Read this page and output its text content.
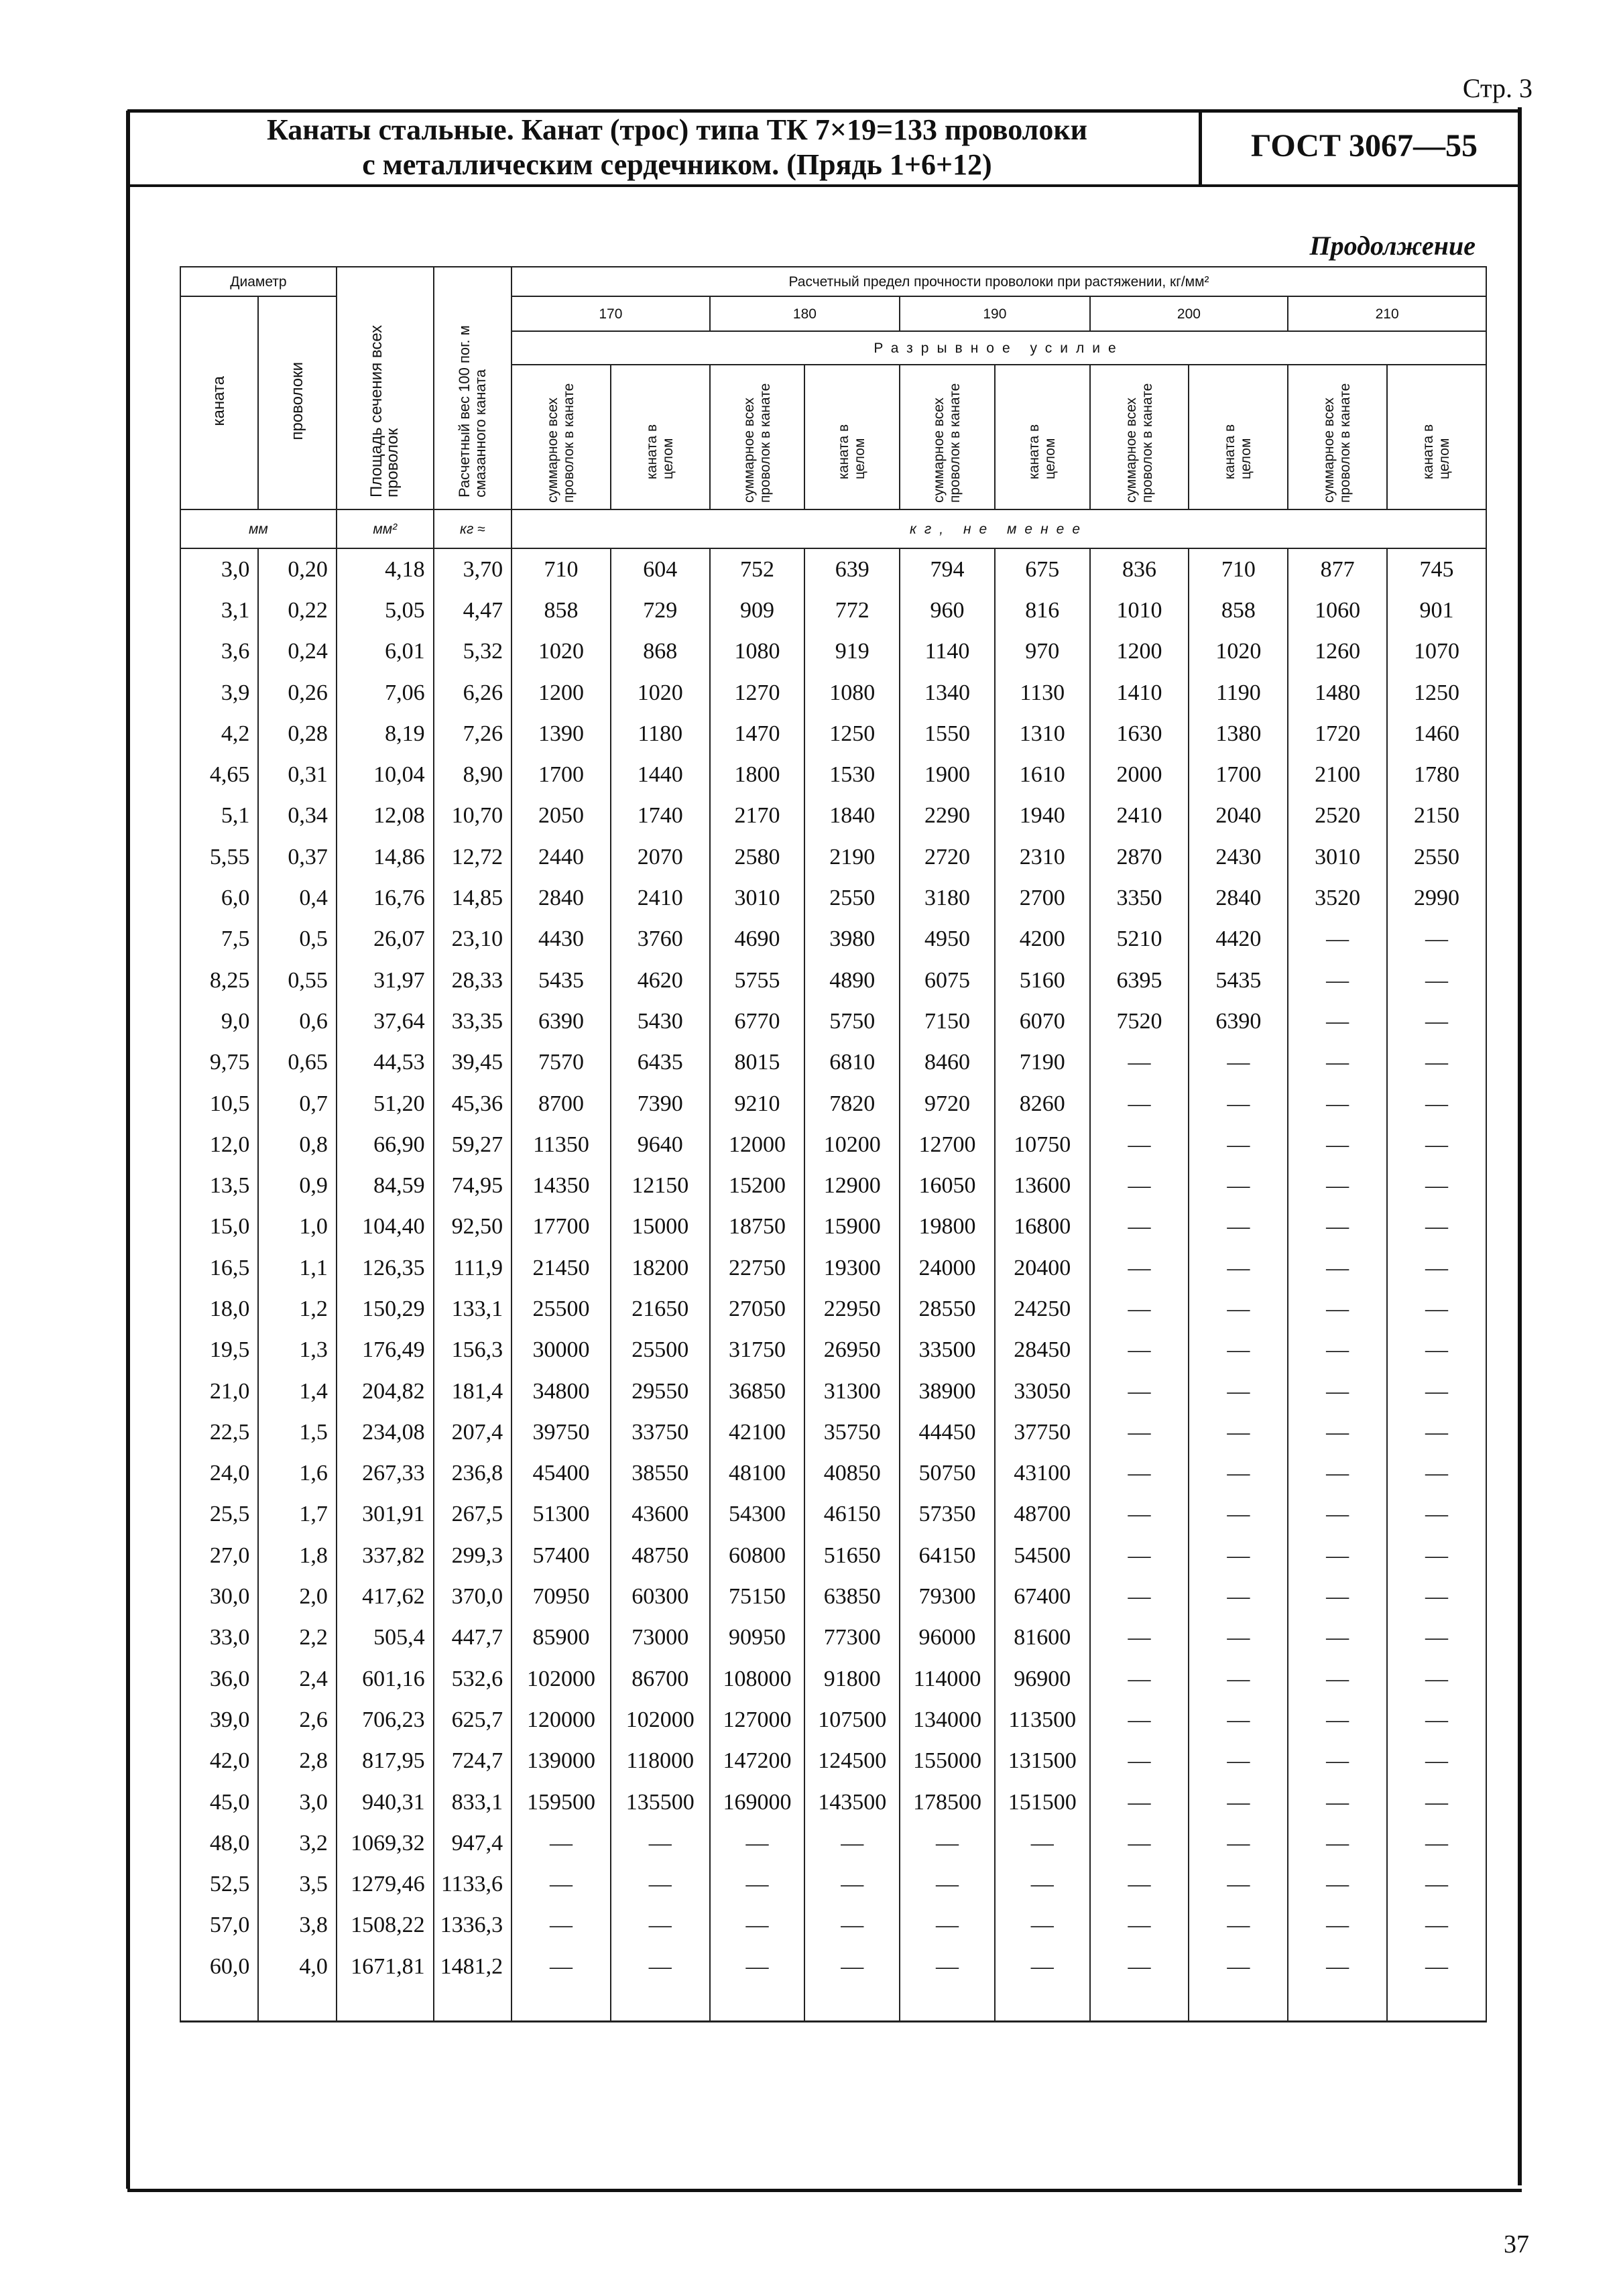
Стр. 3
Канаты стальные. Канат (трос) типа ТК 7×19=133 проволоки
с металлическим сердечником. (Прядь 1+6+12)
ГОСТ 3067—55
Продолжение
Диаметр		Площадь сечения всех проволок	Расчетный вес 100 пог. м смазанного каната	Расчетный предел прочности проволоки при растяжении, кг/мм²									
каната	проволоки			170		180		190		200		210	
				Разрывное усилие									
				суммарное всех проволок в канате	каната в целом	суммарное всех проволок в канате	каната в целом	суммарное всех проволок в канате	каната в целом	суммарное всех проволок в канате	каната в целом	суммарное всех проволок в канате	каната в целом
мм		мм²	кг ≈	кг, не менее									
3,0	0,20	4,18	3,70	710	604	752	639	794	675	836	710	877	745
3,1	0,22	5,05	4,47	858	729	909	772	960	816	1010	858	1060	901
3,6	0,24	6,01	5,32	1020	868	1080	919	1140	970	1200	1020	1260	1070
3,9	0,26	7,06	6,26	1200	1020	1270	1080	1340	1130	1410	1190	1480	1250
4,2	0,28	8,19	7,26	1390	1180	1470	1250	1550	1310	1630	1380	1720	1460
4,65	0,31	10,04	8,90	1700	1440	1800	1530	1900	1610	2000	1700	2100	1780
5,1	0,34	12,08	10,70	2050	1740	2170	1840	2290	1940	2410	2040	2520	2150
5,55	0,37	14,86	12,72	2440	2070	2580	2190	2720	2310	2870	2430	3010	2550
6,0	0,4	16,76	14,85	2840	2410	3010	2550	3180	2700	3350	2840	3520	2990
7,5	0,5	26,07	23,10	4430	3760	4690	3980	4950	4200	5210	4420	—	—
8,25	0,55	31,97	28,33	5435	4620	5755	4890	6075	5160	6395	5435	—	—
9,0	0,6	37,64	33,35	6390	5430	6770	5750	7150	6070	7520	6390	—	—
9,75	0,65	44,53	39,45	7570	6435	8015	6810	8460	7190	—	—	—	—
10,5	0,7	51,20	45,36	8700	7390	9210	7820	9720	8260	—	—	—	—
12,0	0,8	66,90	59,27	11350	9640	12000	10200	12700	10750	—	—	—	—
13,5	0,9	84,59	74,95	14350	12150	15200	12900	16050	13600	—	—	—	—
15,0	1,0	104,40	92,50	17700	15000	18750	15900	19800	16800	—	—	—	—
16,5	1,1	126,35	111,9	21450	18200	22750	19300	24000	20400	—	—	—	—
18,0	1,2	150,29	133,1	25500	21650	27050	22950	28550	24250	—	—	—	—
19,5	1,3	176,49	156,3	30000	25500	31750	26950	33500	28450	—	—	—	—
21,0	1,4	204,82	181,4	34800	29550	36850	31300	38900	33050	—	—	—	—
22,5	1,5	234,08	207,4	39750	33750	42100	35750	44450	37750	—	—	—	—
24,0	1,6	267,33	236,8	45400	38550	48100	40850	50750	43100	—	—	—	—
25,5	1,7	301,91	267,5	51300	43600	54300	46150	57350	48700	—	—	—	—
27,0	1,8	337,82	299,3	57400	48750	60800	51650	64150	54500	—	—	—	—
30,0	2,0	417,62	370,0	70950	60300	75150	63850	79300	67400	—	—	—	—
33,0	2,2	505,4	447,7	85900	73000	90950	77300	96000	81600	—	—	—	—
36,0	2,4	601,16	532,6	102000	86700	108000	91800	114000	96900	—	—	—	—
39,0	2,6	706,23	625,7	120000	102000	127000	107500	134000	113500	—	—	—	—
42,0	2,8	817,95	724,7	139000	118000	147200	124500	155000	131500	—	—	—	—
45,0	3,0	940,31	833,1	159500	135500	169000	143500	178500	151500	—	—	—	—
48,0	3,2	1069,32	947,4	—	—	—	—	—	—	—	—	—	—
52,5	3,5	1279,46	1133,6	—	—	—	—	—	—	—	—	—	—
57,0	3,8	1508,22	1336,3	—	—	—	—	—	—	—	—	—	—
60,0	4,0	1671,81	1481,2	—	—	—	—	—	—	—	—	—	—
37
